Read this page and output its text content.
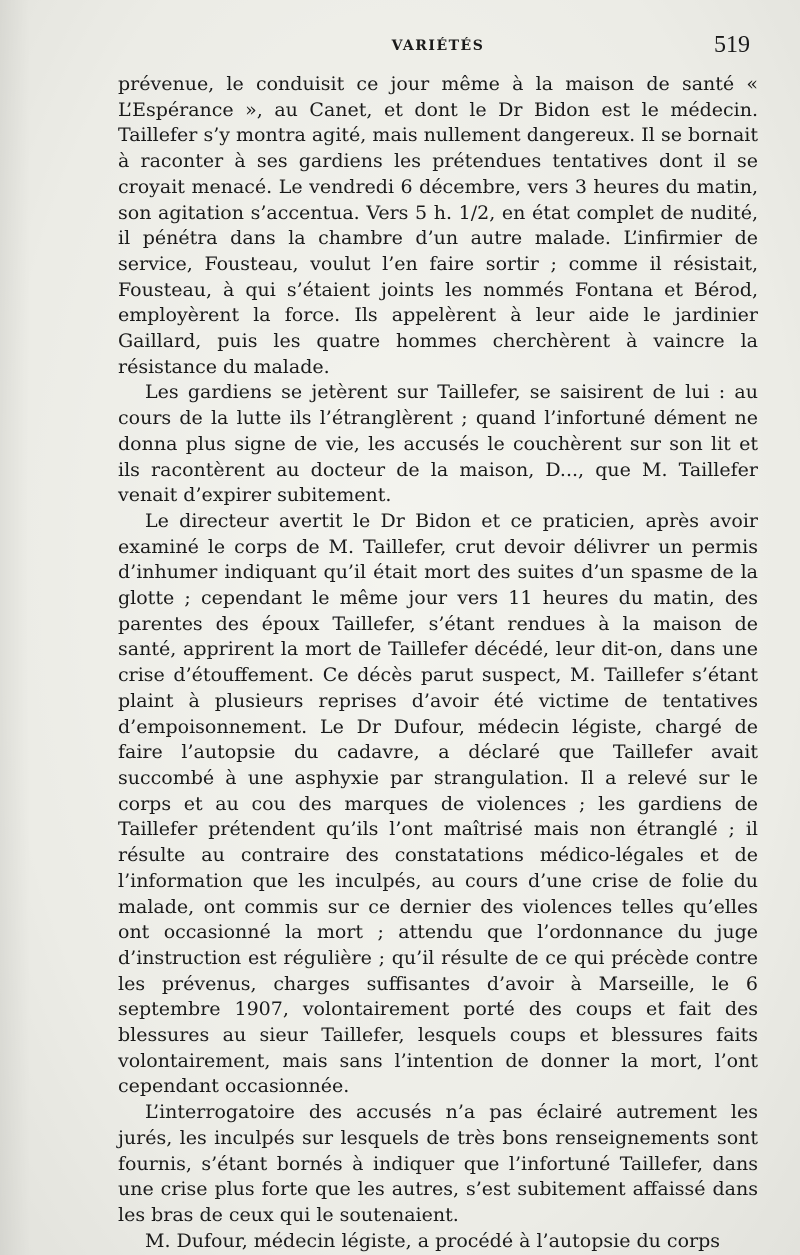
VARIÉTÉS	519

prévenue, le conduisit ce jour même à la maison de santé « L’Espérance », au Canet, et dont le Dr Bidon est le médecin. Taillefer s’y montra agité, mais nullement dangereux. Il se bornait à raconter à ses gardiens les prétendues tentatives dont il se croyait menacé. Le vendredi 6 décembre, vers 3 heures du matin, son agitation s’accentua. Vers 5 h. 1/2, en état complet de nudité, il pénétra dans la chambre d’un autre malade. L’infirmier de service, Fousteau, voulut l’en faire sortir ; comme il résistait, Fousteau, à qui s’étaient joints les nommés Fontana et Bérod, employèrent la force. Ils appelèrent à leur aide le jardinier Gaillard, puis les quatre hommes cherchèrent à vaincre la résistance du malade.

Les gardiens se jetèrent sur Taillefer, se saisirent de lui : au cours de la lutte ils l’étranglèrent ; quand l’infortuné dément ne donna plus signe de vie, les accusés le couchèrent sur son lit et ils racontèrent au docteur de la maison, D..., que M. Taillefer venait d’expirer subitement.

Le directeur avertit le Dr Bidon et ce praticien, après avoir examiné le corps de M. Taillefer, crut devoir délivrer un permis d’inhumer indiquant qu’il était mort des suites d’un spasme de la glotte ; cependant le même jour vers 11 heures du matin, des parentes des époux Taillefer, s’étant rendues à la maison de santé, apprirent la mort de Taillefer décédé, leur dit-on, dans une crise d’étouffement. Ce décès parut suspect, M. Taillefer s’étant plaint à plusieurs reprises d’avoir été victime de tentatives d’empoisonnement. Le Dr Dufour, médecin légiste, chargé de faire l’autopsie du cadavre, a déclaré que Taillefer avait succombé à une asphyxie par strangulation. Il a relevé sur le corps et au cou des marques de violences ; les gardiens de Taillefer prétendent qu’ils l’ont maîtrisé mais non étranglé ; il résulte au contraire des constatations médico-légales et de l’information que les inculpés, au cours d’une crise de folie du malade, ont commis sur ce dernier des violences telles qu’elles ont occasionné la mort ; attendu que l’ordonnance du juge d’instruction est régulière ; qu’il résulte de ce qui précède contre les prévenus, charges suffisantes d’avoir à Marseille, le 6 septembre 1907, volontairement porté des coups et fait des blessures au sieur Taillefer, lesquels coups et blessures faits volontairement, mais sans l’intention de donner la mort, l’ont cependant occasionnée.

L’interrogatoire des accusés n’a pas éclairé autrement les jurés, les inculpés sur lesquels de très bons renseignements sont fournis, s’étant bornés à indiquer que l’infortuné Taillefer, dans une crise plus forte que les autres, s’est subitement affaissé dans les bras de ceux qui le soutenaient.

M. Dufour, médecin légiste, a procédé à l’autopsie du corps
